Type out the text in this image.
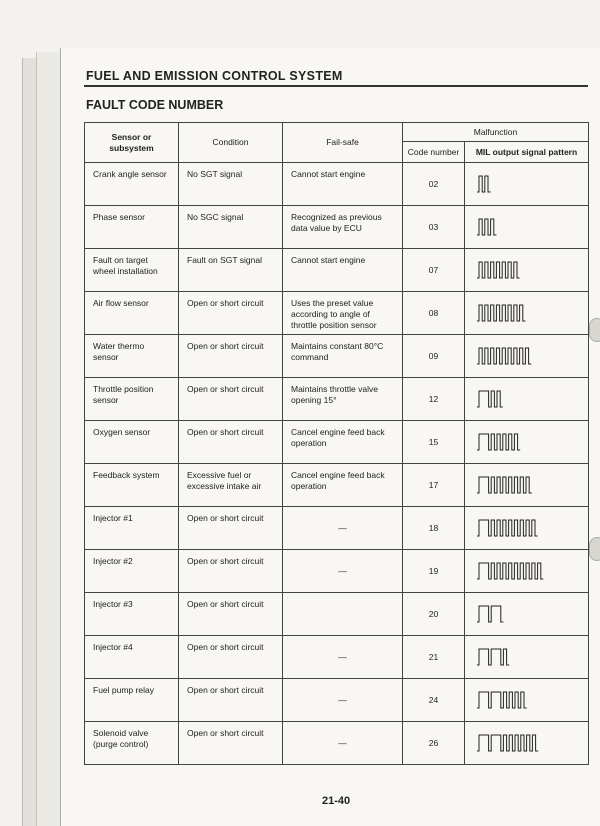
FUEL AND EMISSION CONTROL SYSTEM
FAULT CODE NUMBER
Sensor or subsystem	Condition	Fail-safe	Malfunction	
			Code number	MIL output signal pattern
Crank angle sensor	No SGT signal	Cannot start engine	02	

Phase sensor	No SGC signal	Recognized as previous data value by ECU	03	

Fault on target wheel installation	Fault on SGT signal	Cannot start engine	07	

Air flow sensor	Open or short circuit	Uses the preset value according to angle of throttle position sensor	08	

Water thermo sensor	Open or short circuit	Maintains constant 80°C command	09	

Throttle position sensor	Open or short circuit	Maintains throttle valve opening 15°	12	

Oxygen sensor	Open or short circuit	Cancel engine feed back operation	15	

Feedback system	Excessive fuel or excessive intake air	Cancel engine feed back operation	17	

Injector #1	Open or short circuit	—	18	

Injector #2	Open or short circuit	—	19	

Injector #3	Open or short circuit		20	

Injector #4	Open or short circuit	—	21	

Fuel pump relay	Open or short circuit	—	24	

Solenoid valve (purge control)	Open or short circuit	—	26	
21-40
